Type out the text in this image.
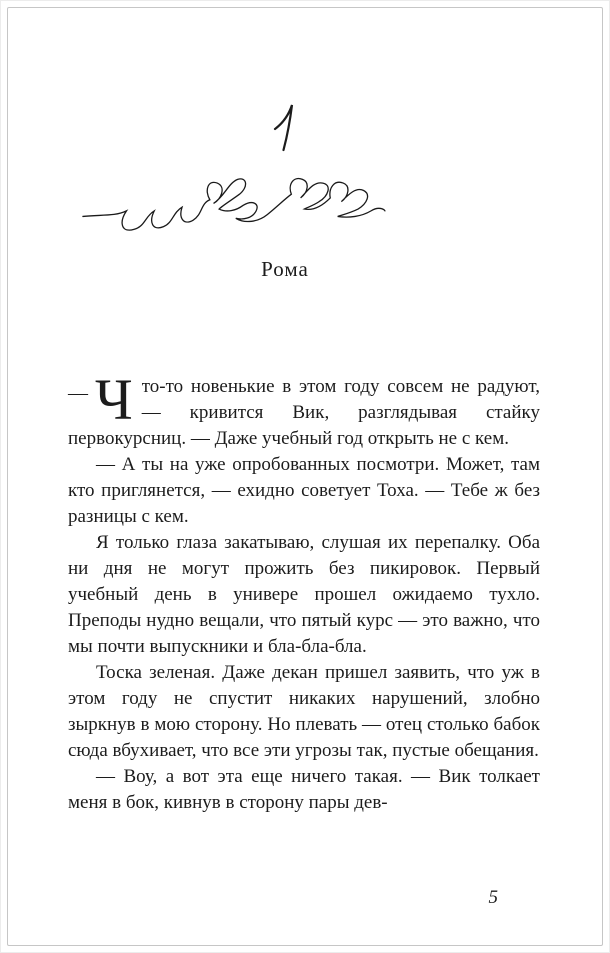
Рома

— Ч то-то новенькие в этом году совсем не радуют, — кривится Вик, разглядывая стайку первокурсниц. — Даже учебный год открыть не с кем.

— А ты на уже опробованных посмотри. Может, там кто приглянется, — ехидно советует Тоха. — Тебе ж без разницы с кем.

Я только глаза закатываю, слушая их перепалку. Оба ни дня не могут прожить без пикировок. Первый учебный день в универе прошел ожидаемо тухло. Преподы нудно вещали, что пятый курс — это важно, что мы почти выпускники и бла-бла-бла.

Тоска зеленая. Даже декан пришел заявить, что уж в этом году не спустит никаких нарушений, злобно зыркнув в мою сторону. Но плевать — отец столько бабок сюда вбухивает, что все эти угрозы так, пустые обещания.

— Воу, а вот эта еще ничего такая. — Вик толкает меня в бок, кивнув в сторону пары дев-

5
